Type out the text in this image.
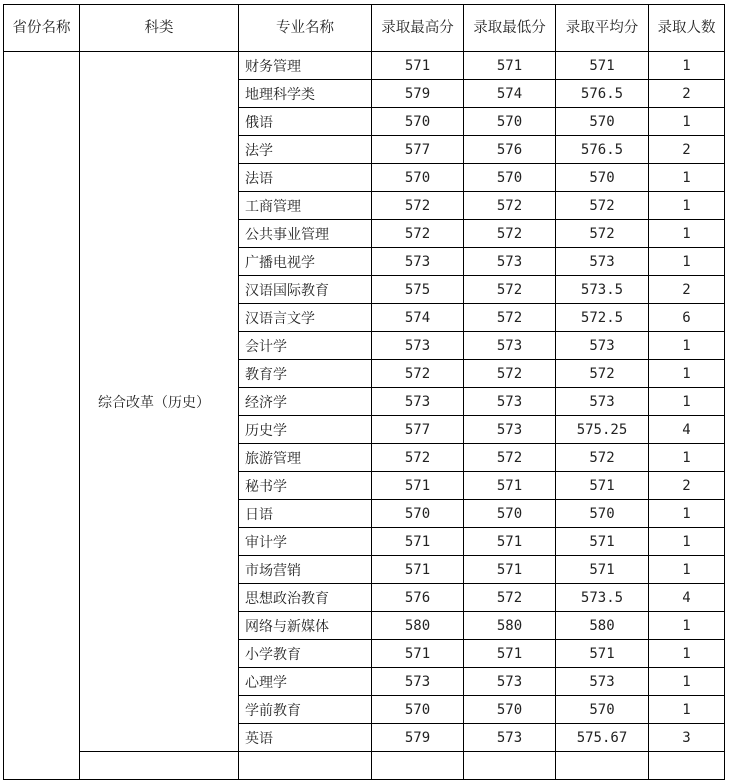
省份名称	科类	专业名称	录取最高分	录取最低分	录取平均分	录取人数
	综合改革（历史）	财务管理	571	571	571	1
		地理科学类	579	574	576.5	2
		俄语	570	570	570	1
		法学	577	576	576.5	2
		法语	570	570	570	1
		工商管理	572	572	572	1
		公共事业管理	572	572	572	1
		广播电视学	573	573	573	1
		汉语国际教育	575	572	573.5	2
		汉语言文学	574	572	572.5	6
		会计学	573	573	573	1
		教育学	572	572	572	1
		经济学	573	573	573	1
		历史学	577	573	575.25	4
		旅游管理	572	572	572	1
		秘书学	571	571	571	2
		日语	570	570	570	1
		审计学	571	571	571	1
		市场营销	571	571	571	1
		思想政治教育	576	572	573.5	4
		网络与新媒体	580	580	580	1
		小学教育	571	571	571	1
		心理学	573	573	573	1
		学前教育	570	570	570	1
		英语	579	573	575.67	3
